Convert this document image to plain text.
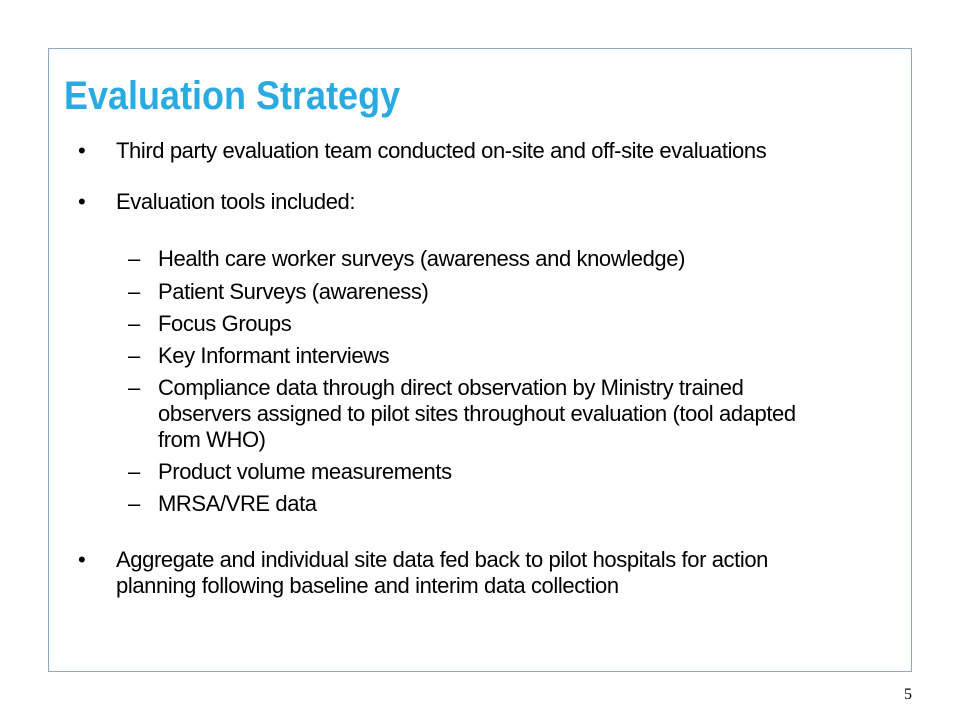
Evaluation Strategy
•	Third party evaluation team conducted on-site and off-site evaluations
•	Evaluation tools included:
– Health care worker surveys (awareness and knowledge)
– Patient Surveys (awareness)
– Focus Groups
– Key Informant interviews
– Compliance data through direct observation by Ministry trained observers assigned to pilot sites throughout evaluation (tool adapted from WHO)
– Product volume measurements
– MRSA/VRE data
•	Aggregate and individual site data fed back to pilot hospitals for action planning following baseline and interim data collection
5
